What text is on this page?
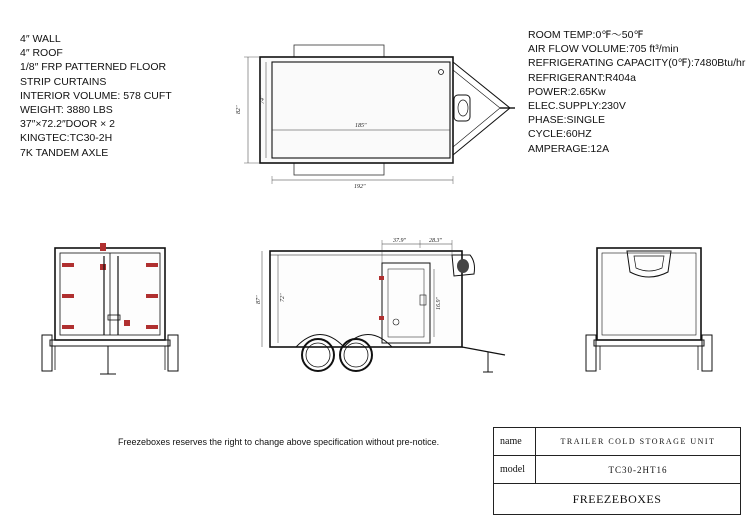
4″ WALL
4″ ROOF
1/8″ FRP PATTERNED FLOOR
STRIP CURTAINS
INTERIOR VOLUME: 578 CUFT
WEIGHT: 3880 LBS
37″×72.2″DOOR × 2
KINGTEC:TC30-2H
7K TANDEM AXLE
ROOM TEMP:0℉～50℉
AIR FLOW VOLUME:705 ft³/min
REFRIGERATING CAPACITY(0℉):7480Btu/hr
REFRIGERANT:R404a
POWER:2.65Kw
ELEC.SUPPLY:230V
PHASE:SINGLE
CYCLE:60HZ
AMPERAGE:12A
82″
74″
185″
192″
37.9″	28.3″
87″	72″	16.9″
Freezeboxes reserves the right to change above specification without pre-notice.	name	TRAILER COLD STORAGE UNIT
model	TC30-2HT16
FREEZEBOXES
